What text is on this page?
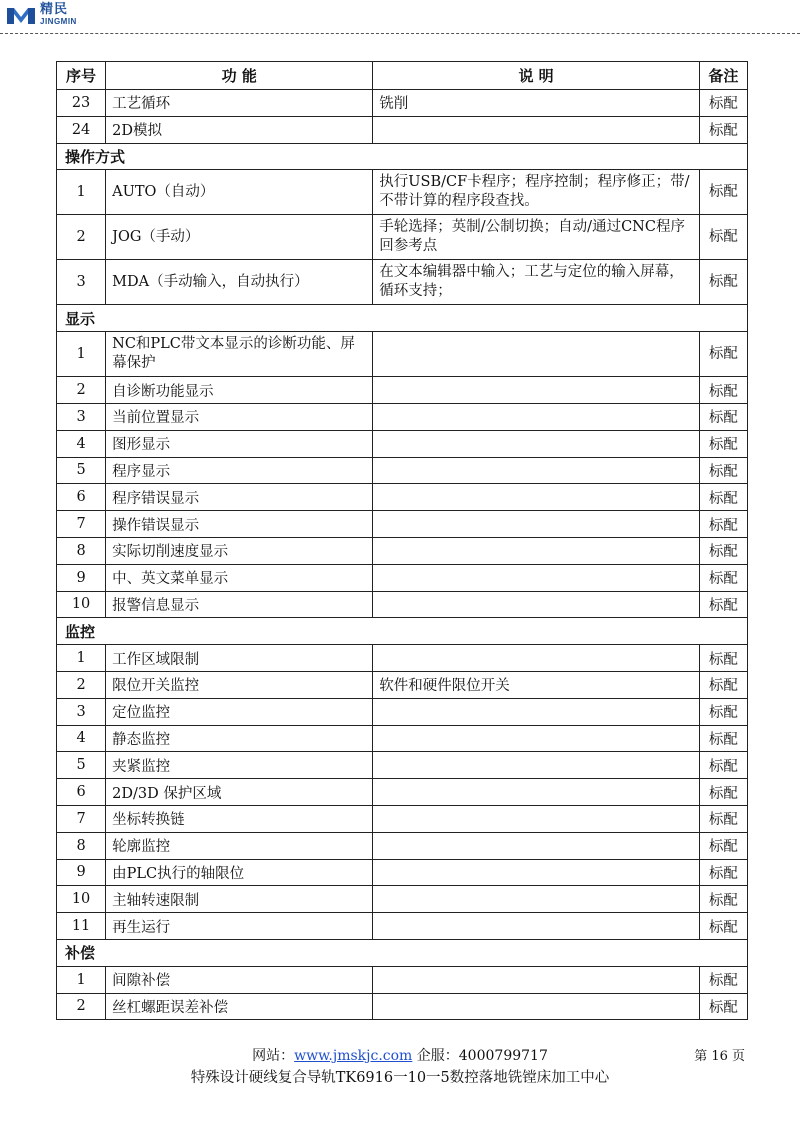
精民
JINGMIN
序号	功 能	说 明	备注
23	工艺循环	铣削	标配
24	2D模拟		标配
操作方式			
1	AUTO（自动）	执行USB/CF卡程序；程序控制；程序修正；带/不带计算的程序段查找。	标配
2	JOG（手动）	手轮选择；英制/公制切换；自动/通过CNC程序回参考点	标配
3	MDA（手动输入，自动执行）	在文本编辑器中输入；工艺与定位的输入屏幕， 循环支持；	标配
显示			
1	NC和PLC带文本显示的诊断功能、屏幕保护		标配
2	自诊断功能显示		标配
3	当前位置显示		标配
4	图形显示		标配
5	程序显示		标配
6	程序错误显示		标配
7	操作错误显示		标配
8	实际切削速度显示		标配
9	中、英文菜单显示		标配
10	报警信息显示		标配
监控			
1	工作区域限制		标配
2	限位开关监控	软件和硬件限位开关	标配
3	定位监控		标配
4	静态监控		标配
5	夹紧监控		标配
6	2D/3D 保护区域		标配
7	坐标转换链		标配
8	轮廓监控		标配
9	由PLC执行的轴限位		标配
10	主轴转速限制		标配
11	再生运行		标配
补偿			
1	间隙补偿		标配
2	丝杠螺距误差补偿		标配
网站：www.jmskjc.com 企服：4000799717	第 16 页
特殊设计硬线复合导轨TK6916一10一5数控落地铣镗床加工中心
